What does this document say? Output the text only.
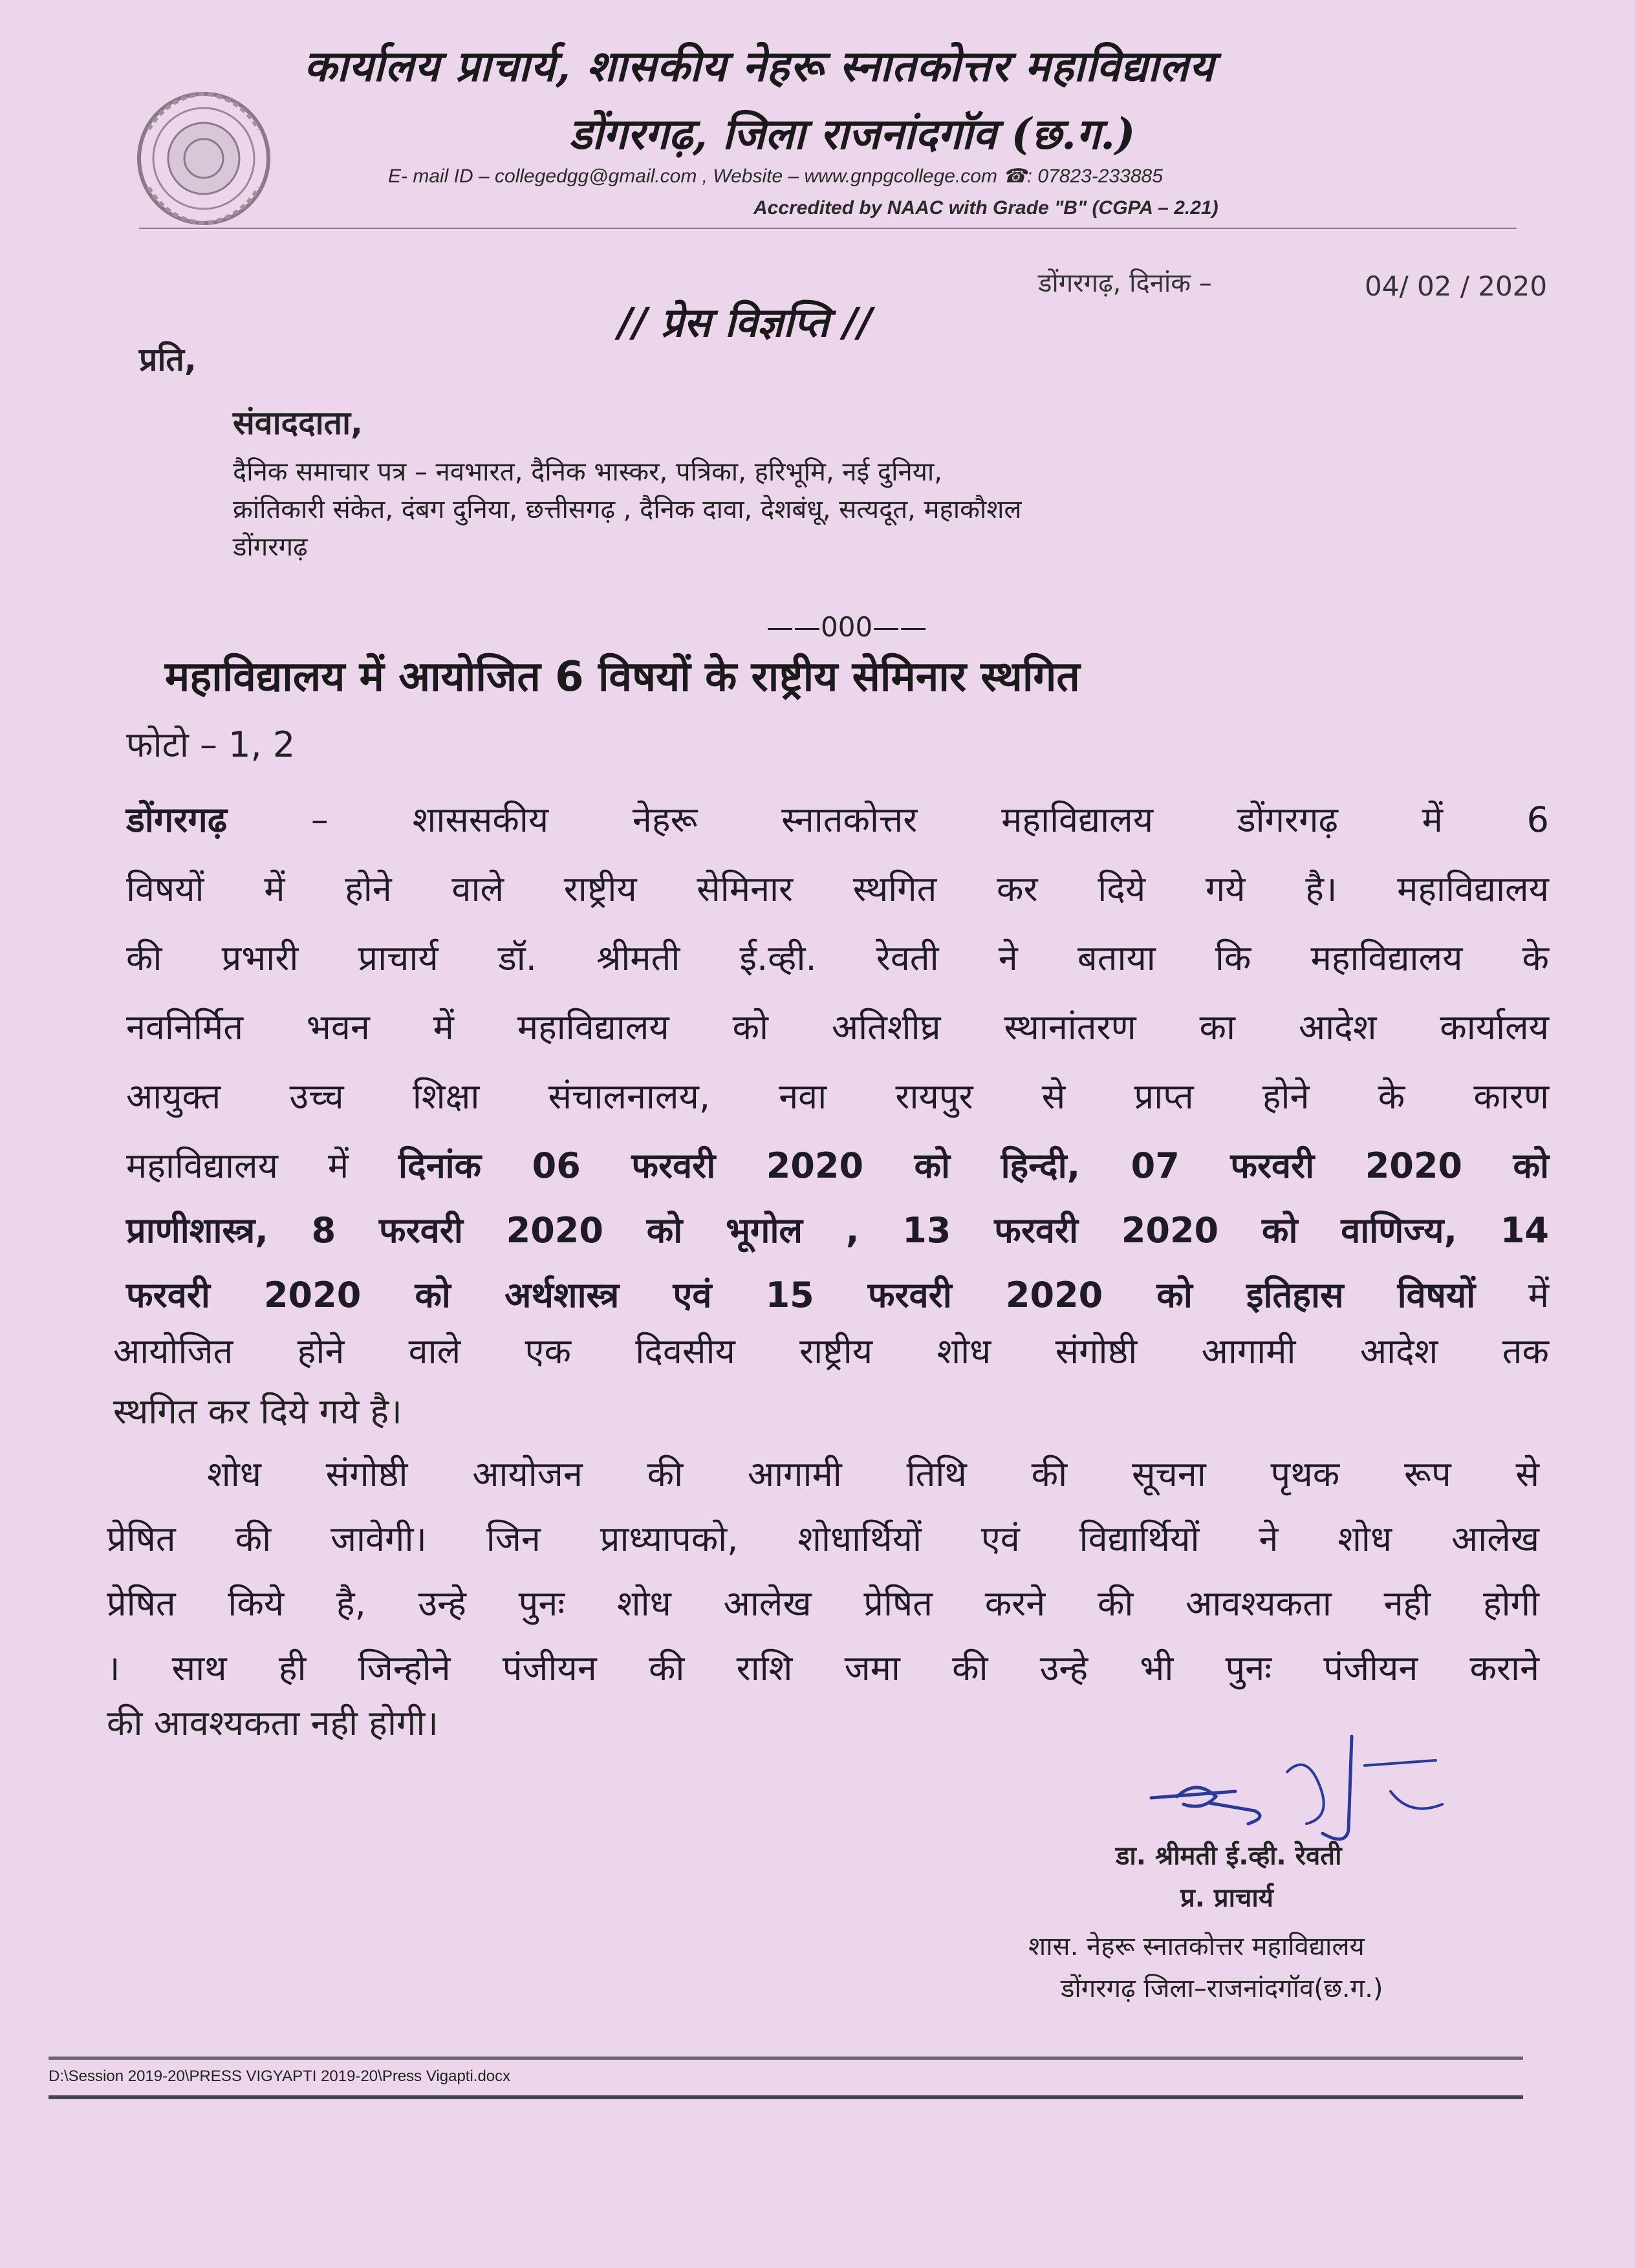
कार्यालय प्राचार्य, शासकीय नेहरू स्नातकोत्तर महाविद्यालय
डोंगरगढ़, जिला राजनांदगॉव (छ.ग.)
E- mail ID – collegedgg@gmail.com , Website – www.gnpgcollege.com ☎: 07823-233885
Accredited by NAAC with Grade "B" (CGPA – 2.21)
डोंगरगढ़, दिनांक –	04/ 02 / 2020
// प्रेस विज्ञप्ति //
प्रति,
संवाददाता,
दैनिक समाचार पत्र – नवभारत, दैनिक भास्कर, पत्रिका, हरिभूमि, नई दुनिया,
क्रांतिकारी संकेत, दंबग दुनिया, छत्तीसगढ़ , दैनिक दावा, देशबंधू, सत्यदूत, महाकौशल
डोंगरगढ़
——000——
महाविद्यालय में आयोजित 6 विषयों के राष्ट्रीय सेमिनार स्थगित
फोटो – 1, 2
डोंगरगढ़ – शाससकीय नेहरू स्नातकोत्तर महाविद्यालय डोंगरगढ़ में 6
विषयों में होने वाले राष्ट्रीय सेमिनार स्थगित कर दिये गये है। महाविद्यालय
की प्रभारी प्राचार्य डॉ. श्रीमती ई.व्ही. रेवती ने बताया कि महाविद्यालय के
नवनिर्मित भवन में महाविद्यालय को अतिशीघ्र स्थानांतरण का आदेश कार्यालय
आयुक्त उच्च शिक्षा संचालनालय, नवा रायपुर से प्राप्त होने के कारण
महाविद्यालय में दिनांक 06 फरवरी 2020 को हिन्दी, 07 फरवरी 2020 को
प्राणीशास्त्र, 8 फरवरी 2020 को भूगोल , 13 फरवरी 2020 को वाणिज्य, 14
फरवरी 2020 को अर्थशास्त्र एवं 15 फरवरी 2020 को इतिहास विषयों में
आयोजित होने वाले एक दिवसीय राष्ट्रीय शोध संगोष्ठी आगामी आदेश तक
स्थगित कर दिये गये है।
शोध संगोष्ठी आयोजन की आगामी तिथि की सूचना पृथक रूप से
प्रेषित की जावेगी। जिन प्राध्यापको, शोधार्थियों एवं विद्यार्थियों ने शोध आलेख
प्रेषित किये है, उन्हे पुनः शोध आलेख प्रेषित करने की आवश्यकता नही होगी
। साथ ही जिन्होने पंजीयन की राशि जमा की उन्हे भी पुनः पंजीयन कराने
की आवश्यकता नही होगी।
डा. श्रीमती ई.व्ही. रेवती
प्र. प्राचार्य
शास. नेहरू स्नातकोत्तर महाविद्यालय
डोंगरगढ़ जिला–राजनांदगॉव(छ.ग.)
D:\Session 2019-20\PRESS VIGYAPTI 2019-20\Press Vigapti.docx
